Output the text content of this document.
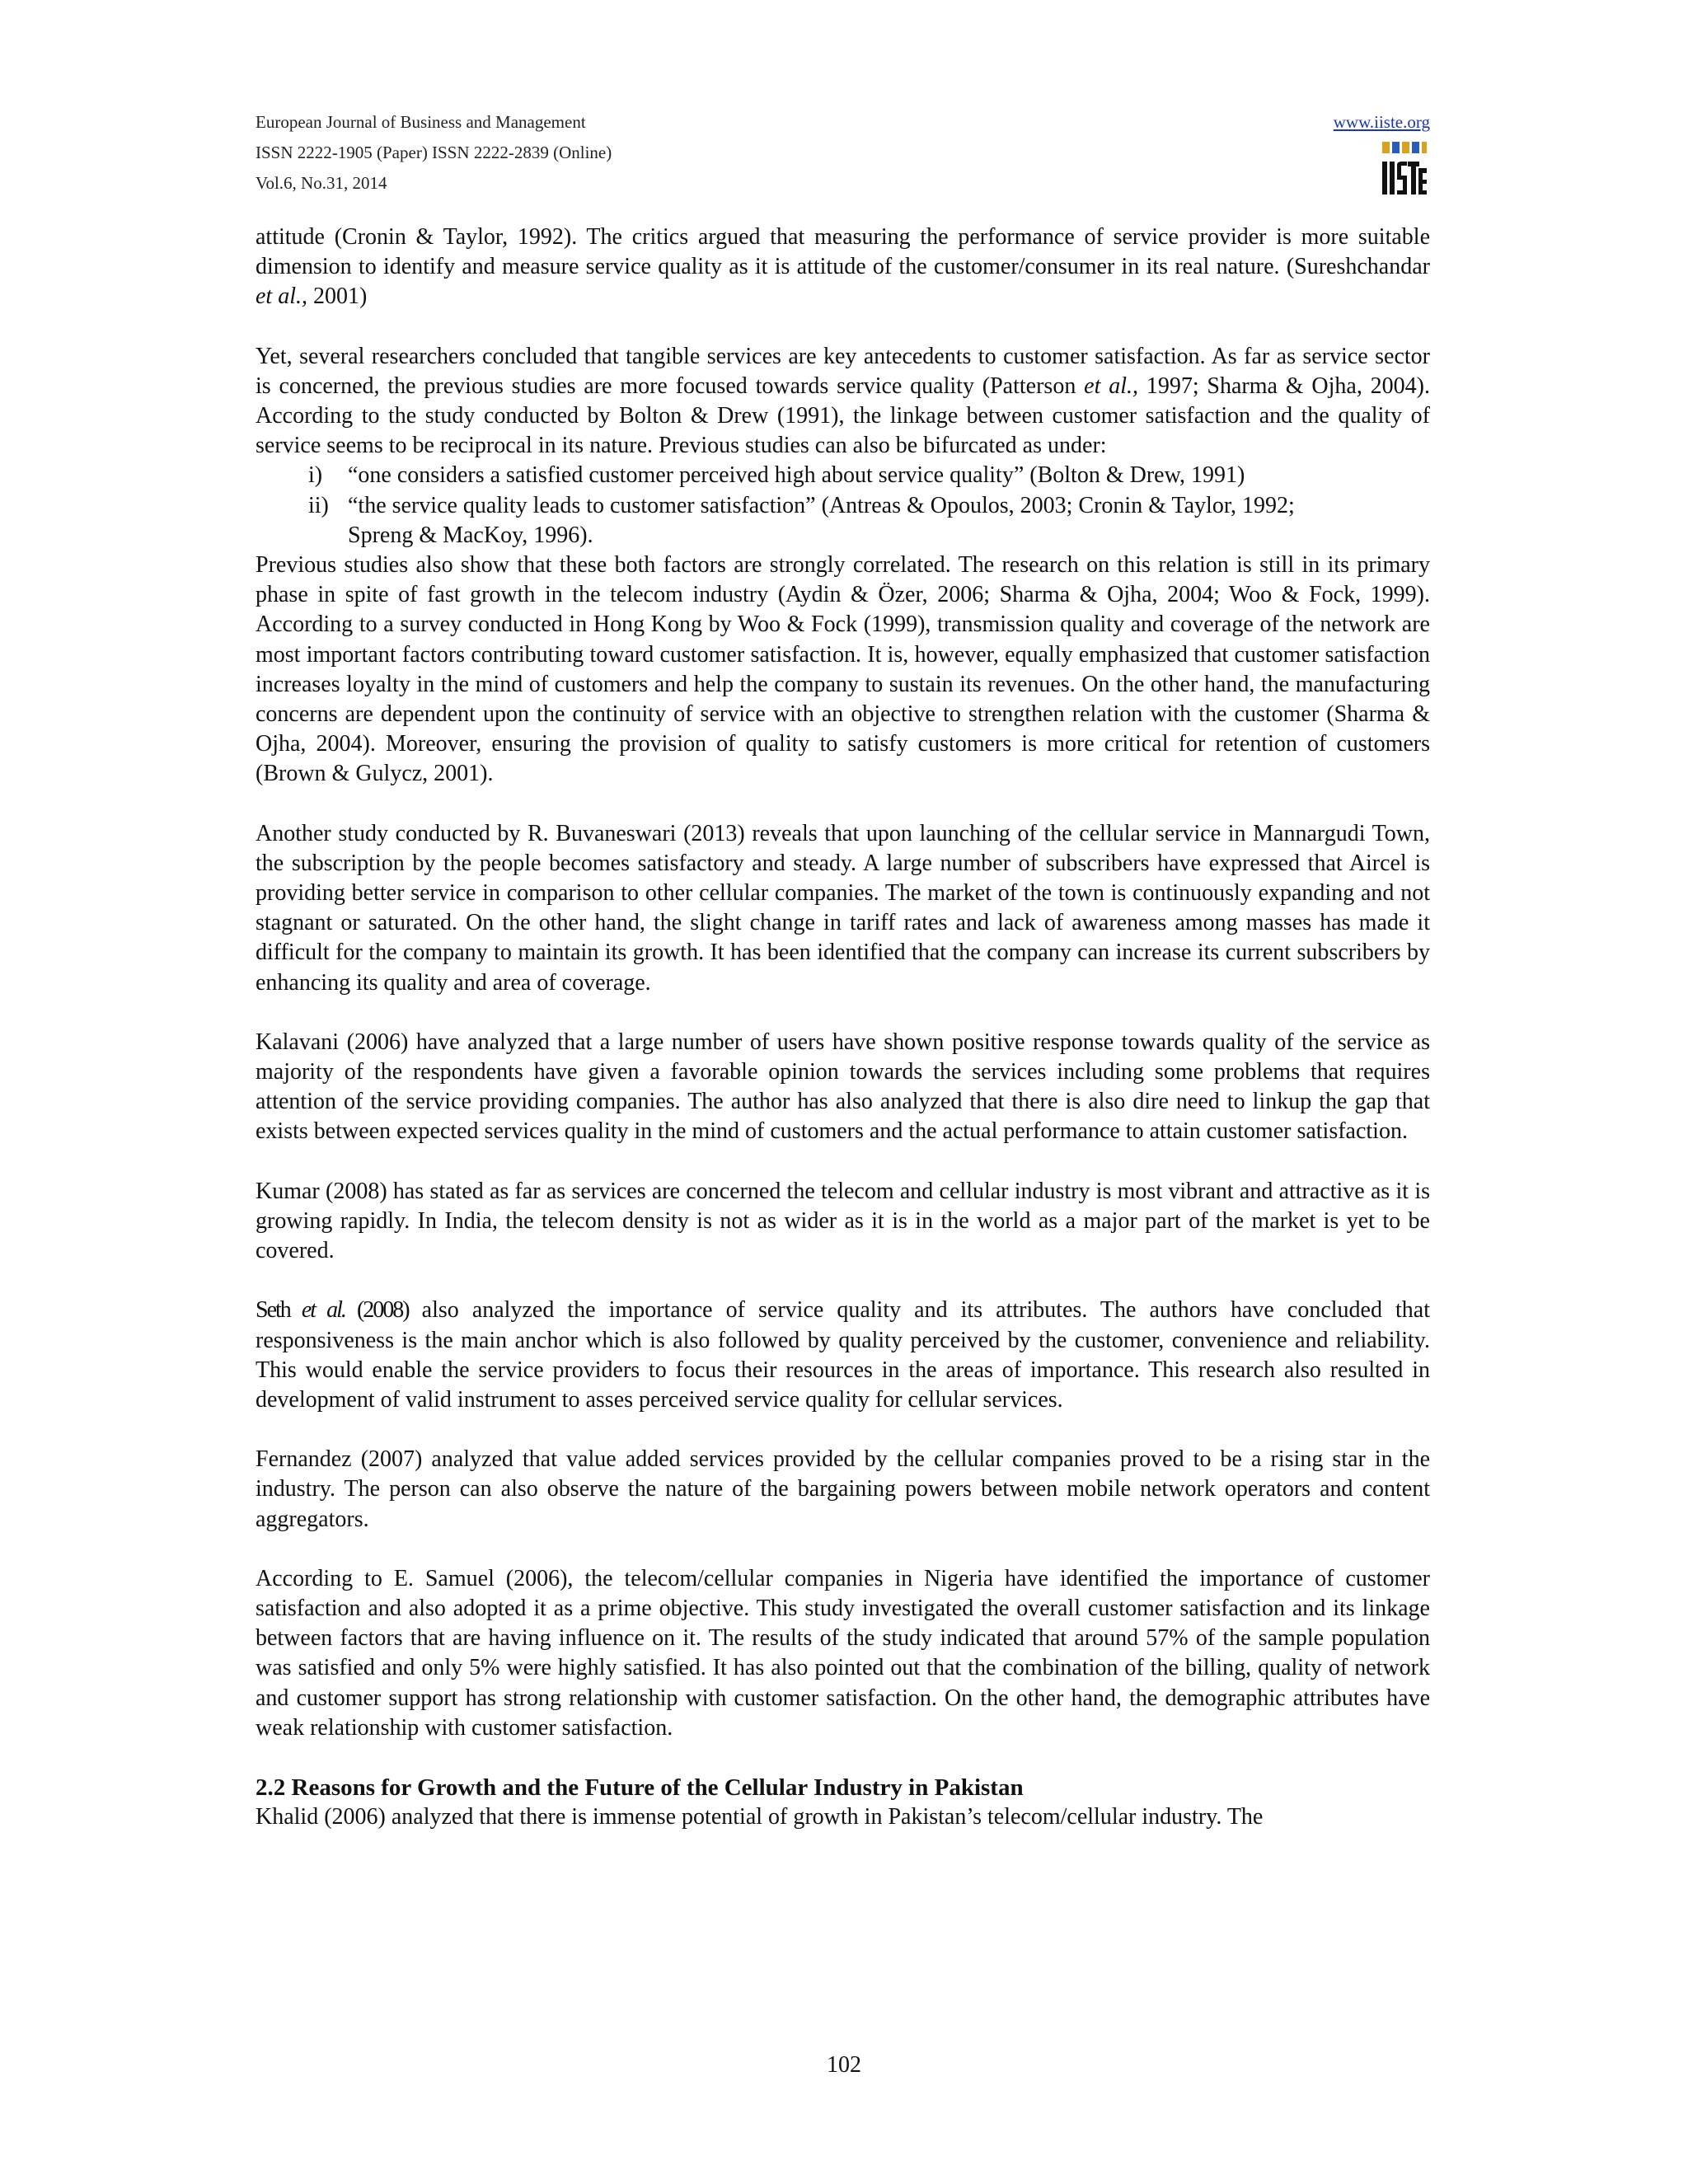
European Journal of Business and Management
ISSN 2222-1905 (Paper) ISSN 2222-2839 (Online)
Vol.6, No.31, 2014
www.iiste.org

attitude (Cronin & Taylor, 1992). The critics argued that measuring the performance of service provider is more suitable dimension to identify and measure service quality as it is attitude of the customer/consumer in its real nature. (Sureshchandar et al., 2001)

Yet, several researchers concluded that tangible services are key antecedents to customer satisfaction. As far as service sector is concerned, the previous studies are more focused towards service quality (Patterson et al., 1997; Sharma & Ojha, 2004). According to the study conducted by Bolton & Drew (1991), the linkage between customer satisfaction and the quality of service seems to be reciprocal in its nature. Previous studies can also be bifurcated as under:

i) “one considers a satisfied customer perceived high about service quality” (Bolton & Drew, 1991)

ii) “the service quality leads to customer satisfaction” (Antreas & Opoulos, 2003; Cronin & Taylor, 1992;

Spreng & MacKoy, 1996).

Previous studies also show that these both factors are strongly correlated. The research on this relation is still in its primary phase in spite of fast growth in the telecom industry (Aydin & Özer, 2006; Sharma & Ojha, 2004; Woo & Fock, 1999). According to a survey conducted in Hong Kong by Woo & Fock (1999), transmission quality and coverage of the network are most important factors contributing toward customer satisfaction. It is, however, equally emphasized that customer satisfaction increases loyalty in the mind of customers and help the company to sustain its revenues. On the other hand, the manufacturing concerns are dependent upon the continuity of service with an objective to strengthen relation with the customer (Sharma & Ojha, 2004). Moreover, ensuring the provision of quality to satisfy customers is more critical for retention of customers (Brown & Gulycz, 2001).

Another study conducted by R. Buvaneswari (2013) reveals that upon launching of the cellular service in Mannargudi Town, the subscription by the people becomes satisfactory and steady. A large number of subscribers have expressed that Aircel is providing better service in comparison to other cellular companies. The market of the town is continuously expanding and not stagnant or saturated. On the other hand, the slight change in tariff rates and lack of awareness among masses has made it difficult for the company to maintain its growth. It has been identified that the company can increase its current subscribers by enhancing its quality and area of coverage.

Kalavani (2006) have analyzed that a large number of users have shown positive response towards quality of the service as majority of the respondents have given a favorable opinion towards the services including some problems that requires attention of the service providing companies. The author has also analyzed that there is also dire need to linkup the gap that exists between expected services quality in the mind of customers and the actual performance to attain customer satisfaction.

Kumar (2008) has stated as far as services are concerned the telecom and cellular industry is most vibrant and attractive as it is growing rapidly. In India, the telecom density is not as wider as it is in the world as a major part of the market is yet to be covered.

Seth et al. (2008) also analyzed the importance of service quality and its attributes. The authors have concluded that responsiveness is the main anchor which is also followed by quality perceived by the customer, convenience and reliability. This would enable the service providers to focus their resources in the areas of importance. This research also resulted in development of valid instrument to asses perceived service quality for cellular services.

Fernandez (2007) analyzed that value added services provided by the cellular companies proved to be a rising star in the industry. The person can also observe the nature of the bargaining powers between mobile network operators and content aggregators.

According to E. Samuel (2006), the telecom/cellular companies in Nigeria have identified the importance of customer satisfaction and also adopted it as a prime objective. This study investigated the overall customer satisfaction and its linkage between factors that are having influence on it. The results of the study indicated that around 57% of the sample population was satisfied and only 5% were highly satisfied. It has also pointed out that the combination of the billing, quality of network and customer support has strong relationship with customer satisfaction. On the other hand, the demographic attributes have weak relationship with customer satisfaction.

2.2 Reasons for Growth and the Future of the Cellular Industry in Pakistan

Khalid (2006) analyzed that there is immense potential of growth in Pakistan’s telecom/cellular industry. The

102
